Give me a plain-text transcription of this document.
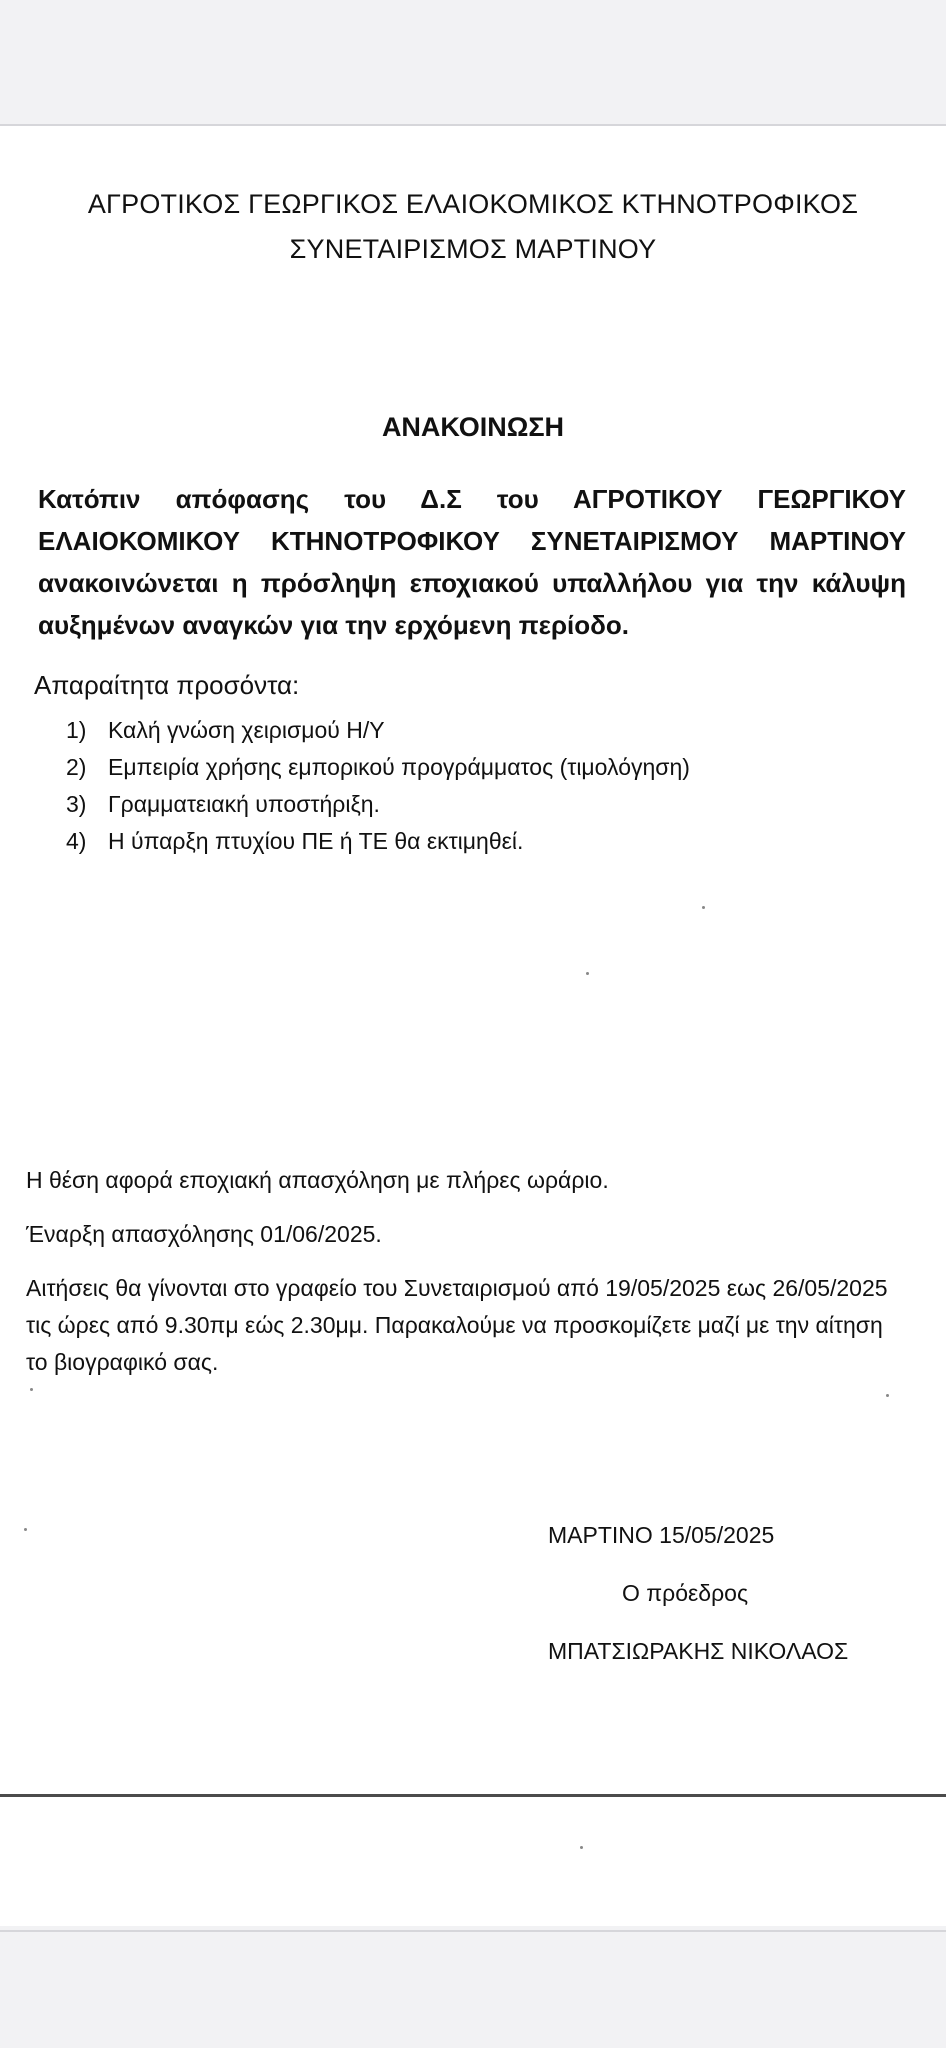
ΑΓΡΟΤΙΚΟΣ ΓΕΩΡΓΙΚΟΣ ΕΛΑΙΟΚΟΜΙΚΟΣ ΚΤΗΝΟΤΡΟΦΙΚΟΣ
ΣΥΝΕΤΑΙΡΙΣΜΟΣ ΜΑΡΤΙΝΟΥ
ΑΝΑΚΟΙΝΩΣΗ

Κατόπιν απόφασης του Δ.Σ του ΑΓΡΟΤΙΚΟΥ ΓΕΩΡΓΙΚΟΥ ΕΛΑΙΟΚΟΜΙΚΟΥ ΚΤΗΝΟΤΡΟΦΙΚΟΥ ΣΥΝΕΤΑΙΡΙΣΜΟΥ ΜΑΡΤΙΝΟΥ ανακοινώνεται η πρόσληψη εποχιακού υπαλλήλου για την κάλυψη αυξημένων αναγκών για την ερχόμενη περίοδο.

Απαραίτητα προσόντα:

1) Καλή γνώση χειρισμού Η/Υ
2) Εμπειρία χρήσης εμπορικού προγράμματος (τιμολόγηση)
3) Γραμματειακή υποστήριξη.
4) Η ύπαρξη πτυχίου ΠΕ ή ΤΕ θα εκτιμηθεί.

Η θέση αφορά εποχιακή απασχόληση με πλήρες ωράριο.

Έναρξη απασχόλησης 01/06/2025.

Αιτήσεις θα γίνονται στο γραφείο του Συνεταιρισμού από 19/05/2025 εως 26/05/2025 τις ώρες από 9.30πμ εώς 2.30μμ. Παρακαλούμε να προσκομίζετε μαζί με την αίτηση το βιογραφικό σας.

ΜΑΡΤΙΝΟ 15/05/2025

Ο πρόεδρος

ΜΠΑΤΣΙΩΡΑΚΗΣ ΝΙΚΟΛΑΟΣ
